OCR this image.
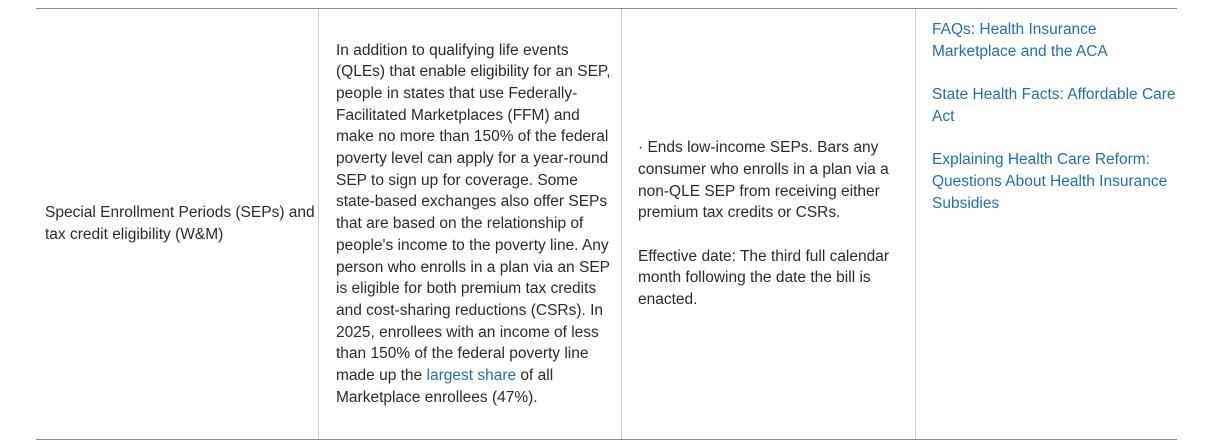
Special Enrollment Periods (SEPs) and tax credit eligibility (W&M)
In addition to qualifying life events (QLEs) that enable eligibility for an SEP, people in states that use Federally-Facilitated Marketplaces (FFM) and make no more than 150% of the federal poverty level can apply for a year-round SEP to sign up for coverage. Some state-based exchanges also offer SEPs that are based on the relationship of people's income to the poverty line. Any person who enrolls in a plan via an SEP is eligible for both premium tax credits and cost-sharing reductions (CSRs). In 2025, enrollees with an income of less than 150% of the federal poverty line made up the largest share of all Marketplace enrollees (47%).
· Ends low-income SEPs. Bars any consumer who enrolls in a plan via a non-QLE SEP from receiving either premium tax credits or CSRs.
Effective date: The third full calendar month following the date the bill is enacted.
FAQs: Health Insurance Marketplace and the ACA
State Health Facts: Affordable Care Act
Explaining Health Care Reform: Questions About Health Insurance Subsidies
